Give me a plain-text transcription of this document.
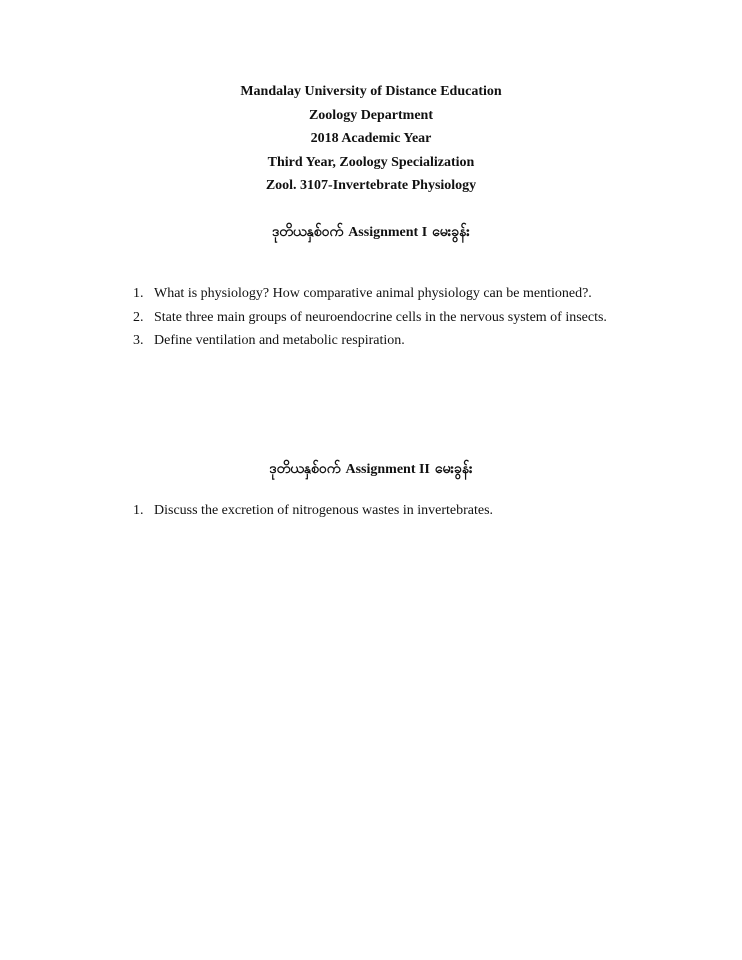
Mandalay University of Distance Education
Zoology Department
2018 Academic Year
Third Year, Zoology Specialization
Zool. 3107-Invertebrate Physiology
ဒုတိယနှစ်ဝက် Assignment I မေးခွန်း
1. What is physiology? How comparative animal physiology can be mentioned?.
2. State three main groups of neuroendocrine cells in the nervous system of insects.
3. Define ventilation and metabolic respiration.
ဒုတိယနှစ်ဝက် Assignment II မေးခွန်း
1. Discuss the excretion of nitrogenous wastes in invertebrates.
